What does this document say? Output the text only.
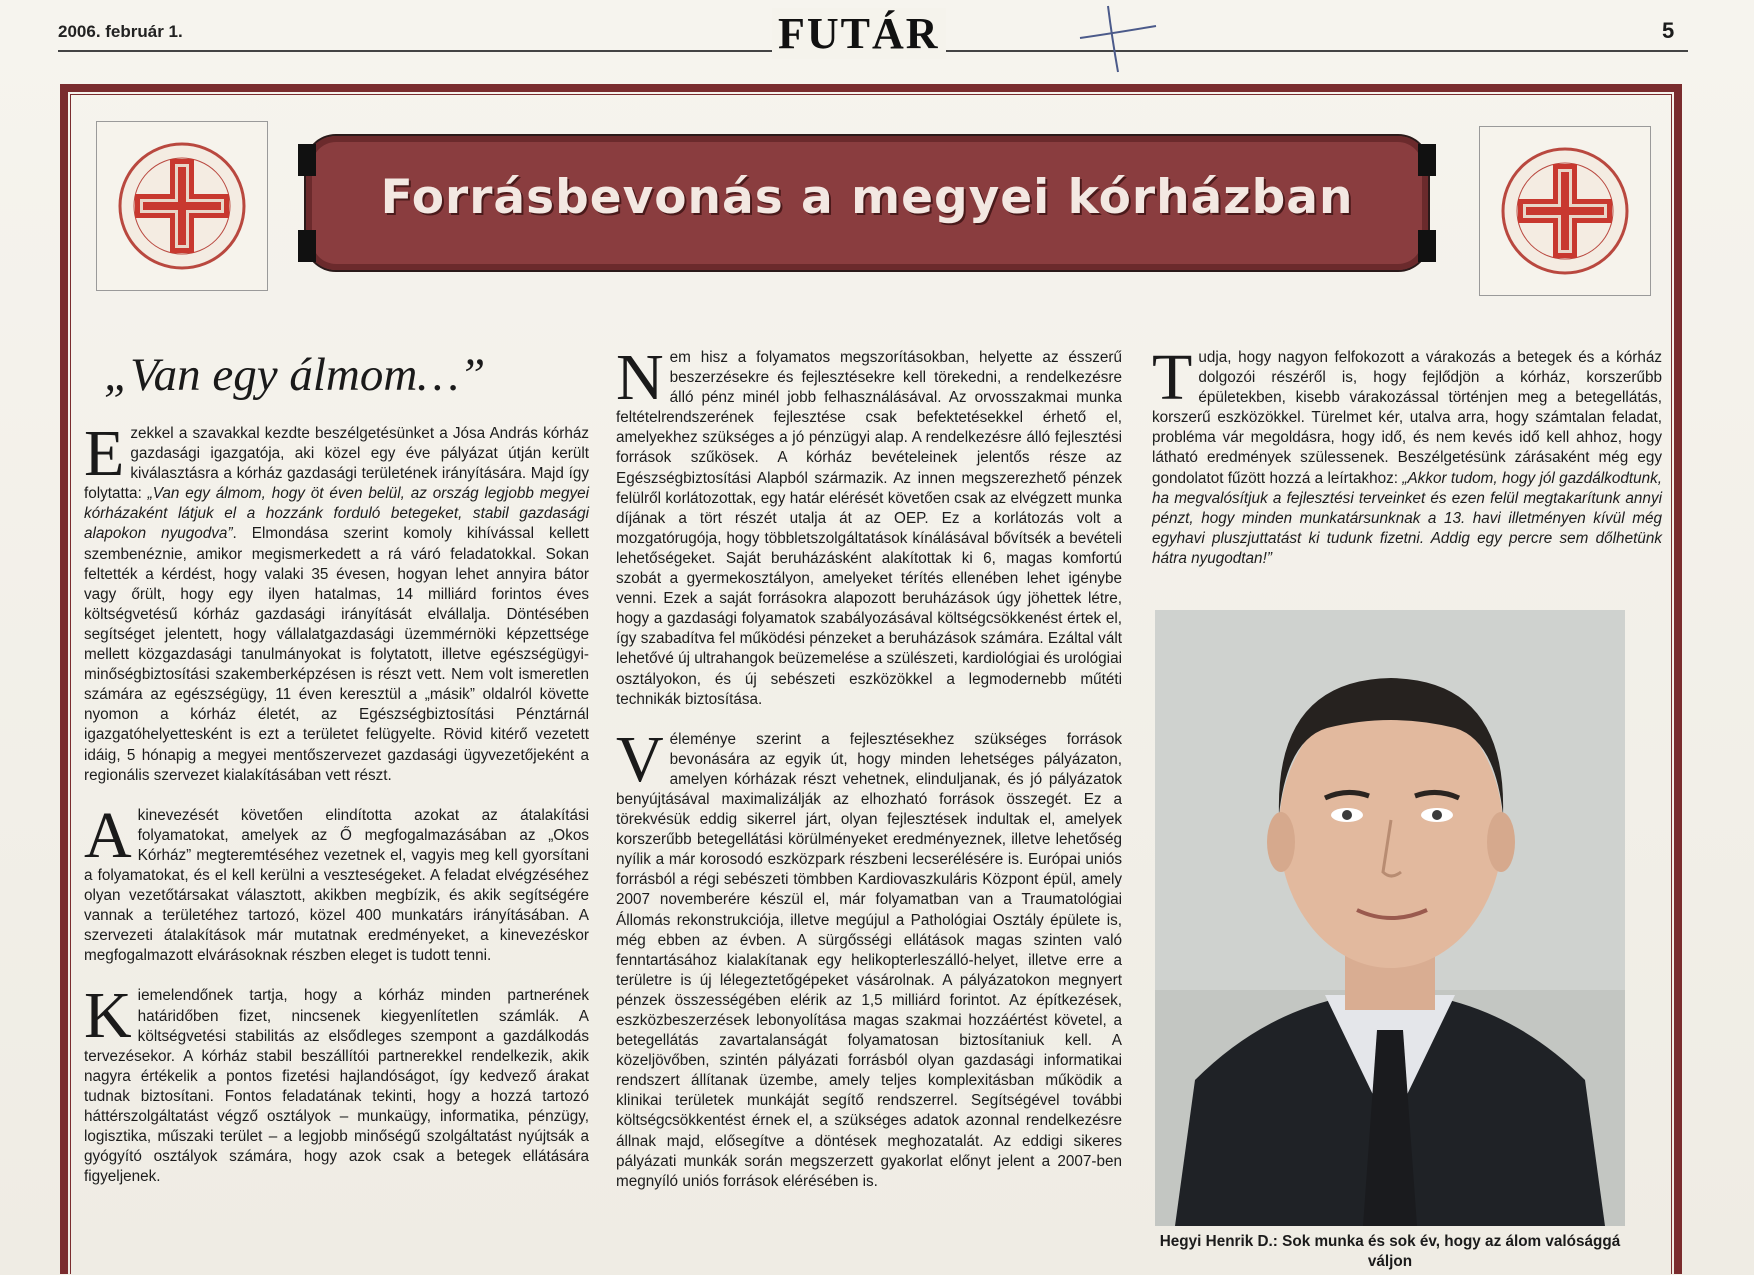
2006. február 1.	FUTÁR	5
Forrásbevonás a megyei kórházban
„Van egy álmom…”

Ezekkel a szavakkal kezdte beszélgetésünket a Jósa András kórház gazdasági igazgatója, aki közel egy éve pályázat útján került kiválasztásra a kórház gazdasági területének irányítására. Majd így folytatta: „Van egy álmom, hogy öt éven belül, az ország legjobb megyei kórházaként látjuk el a hozzánk forduló betegeket, stabil gazdasági alapokon nyugodva”. Elmondása szerint komoly kihívással kellett szembenéznie, amikor megismerkedett a rá váró feladatokkal. Sokan feltették a kérdést, hogy valaki 35 évesen, hogyan lehet annyira bátor vagy őrült, hogy egy ilyen hatalmas, 14 milliárd forintos éves költségvetésű kórház gazdasági irányítását elvállalja. Döntésében segítséget jelentett, hogy vállalatgazdasági üzemmérnöki képzettsége mellett közgazdasági tanulmányokat is folytatott, illetve egészségügyi-minőségbiztosítási szakemberképzésen is részt vett. Nem volt ismeretlen számára az egészségügy, 11 éven keresztül a „másik” oldalról követte nyomon a kórház életét, az Egészségbiztosítási Pénztárnál igazgatóhelyettesként is ezt a területet felügyelte. Rövid kitérő vezetett idáig, 5 hónapig a megyei mentőszervezet gazdasági ügyvezetőjeként a regionális szervezet kialakításában vett részt.

A kinevezését követően elindította azokat az átalakítási folyamatokat, amelyek az Ő megfogalmazásában az „Okos Kórház” megteremtéséhez vezetnek el, vagyis meg kell gyorsítani a folyamatokat, és el kell kerülni a veszteségeket. A feladat elvégzéséhez olyan vezetőtársakat választott, akikben megbízik, és akik segítségére vannak a területéhez tartozó, közel 400 munkatárs irányításában. A szervezeti átalakítások már mutatnak eredményeket, a kinevezéskor megfogalmazott elvárásoknak részben eleget is tudott tenni.

Kiemelendőnek tartja, hogy a kórház minden partnerének határidőben fizet, nincsenek kiegyenlítetlen számlák. A költségvetési stabilitás az elsődleges szempont a gazdálkodás tervezésekor. A kórház stabil beszállítói partnerekkel rendelkezik, akik nagyra értékelik a pontos fizetési hajlandóságot, így kedvező árakat tudnak biztosítani. Fontos feladatának tekinti, hogy a hozzá tartozó háttérszolgáltatást végző osztályok – munkaügy, informatika, pénzügy, logisztika, műszaki terület – a legjobb minőségű szolgáltatást nyújtsák a gyógyító osztályok számára, hogy azok csak a betegek ellátására figyeljenek.

Nem hisz a folyamatos megszorításokban, helyette az ésszerű beszerzésekre és fejlesztésekre kell törekedni, a rendelkezésre álló pénz minél jobb felhasználásával. Az orvosszakmai munka feltételrendszerének fejlesztése csak befektetésekkel érhető el, amelyekhez szükséges a jó pénzügyi alap. A rendelkezésre álló fejlesztési források szűkösek. A kórház bevételeinek jelentős része az Egészségbiztosítási Alapból származik. Az innen megszerezhető pénzek felülről korlátozottak, egy határ elérését követően csak az elvégzett munka díjának a tört részét utalja át az OEP. Ez a korlátozás volt a mozgatórugója, hogy többletszolgáltatások kínálásával bővítsék a bevételi lehetőségeket. Saját beruházásként alakítottak ki 6, magas komfortú szobát a gyermekosztályon, amelyeket térítés ellenében lehet igénybe venni. Ezek a saját forrásokra alapozott beruházások úgy jöhettek létre, hogy a gazdasági folyamatok szabályozásával költségcsökkenést értek el, így szabadítva fel működési pénzeket a beruházások számára. Ezáltal vált lehetővé új ultrahangok beüzemelése a szülészeti, kardiológiai és urológiai osztályokon, és új sebészeti eszközökkel a legmodernebb műtéti technikák biztosítása.

Véleménye szerint a fejlesztésekhez szükséges források bevonására az egyik út, hogy minden lehetséges pályázaton, amelyen kórházak részt vehetnek, elinduljanak, és jó pályázatok benyújtásával maximalizálják az elhozható források összegét. Ez a törekvésük eddig sikerrel járt, olyan fejlesztések indultak el, amelyek korszerűbb betegellátási körülményeket eredményeznek, illetve lehetőség nyílik a már korosodó eszközpark részbeni lecserélésére is. Európai uniós forrásból a régi sebészeti tömbben Kardiovaszkuláris Központ épül, amely 2007 novemberére készül el, már folyamatban van a Traumatológiai Állomás rekonstrukciója, illetve megújul a Pathológiai Osztály épülete is, még ebben az évben. A sürgősségi ellátások magas szinten való fenntartásához kialakítanak egy helikopterleszálló-helyet, illetve erre a területre is új lélegeztetőgépeket vásárolnak. A pályázatokon megnyert pénzek összességében elérik az 1,5 milliárd forintot. Az építkezések, eszközbeszerzések lebonyolítása magas szakmai hozzáértést követel, a betegellátás zavartalanságát folyamatosan biztosítaniuk kell. A közeljövőben, szintén pályázati forrásból olyan gazdasági informatikai rendszert állítanak üzembe, amely teljes komplexitásban működik a klinikai területek munkáját segítő rendszerrel. Segítségével további költségcsökkentést érnek el, a szükséges adatok azonnal rendelkezésre állnak majd, elősegítve a döntések meghozatalát. Az eddigi sikeres pályázati munkák során megszerzett gyakorlat előnyt jelent a 2007-ben megnyíló uniós források elérésében is.

Tudja, hogy nagyon felfokozott a várakozás a betegek és a kórház dolgozói részéről is, hogy fejlődjön a kórház, korszerűbb épületekben, kisebb várakozással történjen meg a betegellátás, korszerű eszközökkel. Türelmet kér, utalva arra, hogy számtalan feladat, probléma vár megoldásra, hogy idő, és nem kevés idő kell ahhoz, hogy látható eredmények szülessenek. Beszélgetésünk zárásaként még egy gondolatot fűzött hozzá a leírtakhoz: „Akkor tudom, hogy jól gazdálkodtunk, ha megvalósítjuk a fejlesztési terveinket és ezen felül megtakarítunk annyi pénzt, hogy minden munkatársunknak a 13. havi illetményen kívül még egyhavi pluszjuttatást ki tudunk fizetni. Addig egy percre sem dőlhetünk hátra nyugodtan!”

Hegyi Henrik D.: Sok munka és sok év, hogy az álom valósággá váljon
